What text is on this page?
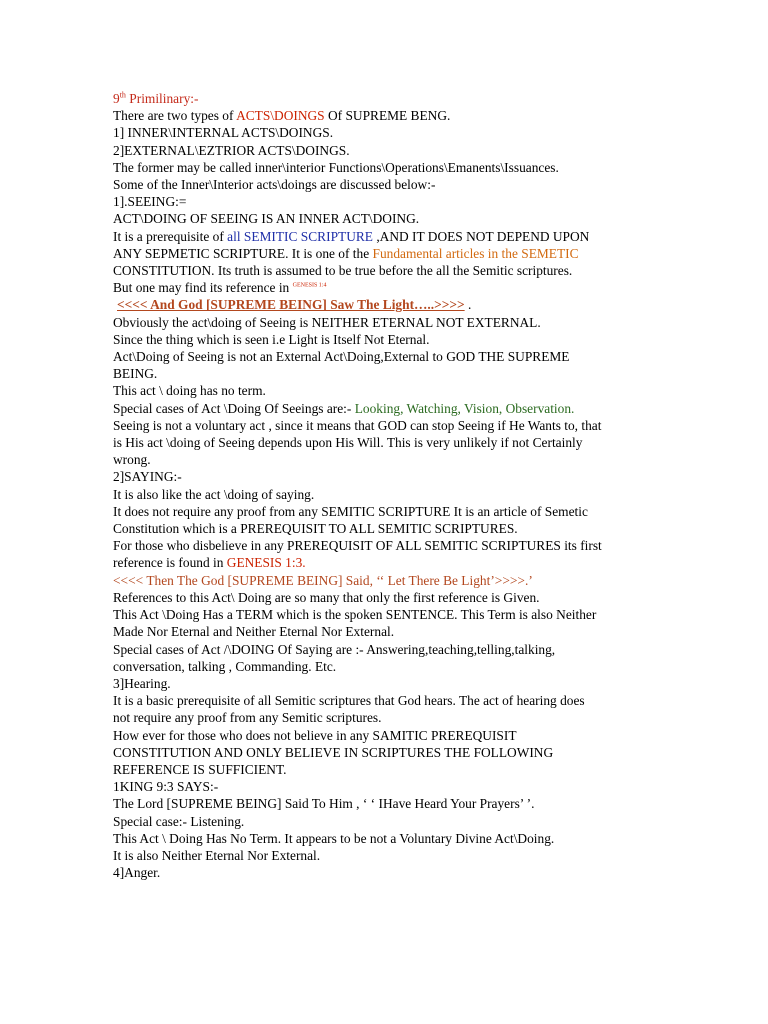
9th Primilinary:-
There are two types of ACTS\DOINGS Of SUPREME BENG.
1] INNER\INTERNAL ACTS\DOINGS.
2]EXTERNAL\EZTRIOR ACTS\DOINGS.
The former may be called inner\interior Functions\Operations\Emanents\Issuances.
Some of the Inner\Interior acts\doings are discussed below:-
1].SEEING:=
ACT\DOING OF SEEING IS AN INNER ACT\DOING.
It is a prerequisite of all SEMITIC SCRIPTURE ,AND IT DOES NOT DEPEND UPON
ANY SEPMETIC SCRIPTURE. It is one of the Fundamental articles in the SEMETIC
CONSTITUTION. Its truth is assumed to be true before the all the Semitic scriptures.
But one may find its reference in $^{GENESIS 1:4}$
<<<< And God [SUPREME BEING] Saw The Light…..>>>> .
Obviously the act\doing of Seeing is NEITHER ETERNAL NOT EXTERNAL.
Since the thing which is seen i.e Light is Itself Not Eternal.
Act\Doing of Seeing is not an External Act\Doing,External to GOD THE SUPREME
BEING.
This act \ doing has no term.
Special cases of Act \Doing Of Seeings are:- Looking, Watching, Vision, Observation.
Seeing is not a voluntary act , since it means that GOD can stop Seeing if He Wants to, that
is His act \doing of Seeing depends upon His Will. This is very unlikely if not Certainly
wrong.
2]SAYING:-
It is also like the act \doing of saying.
It does not require any proof from any SEMITIC SCRIPTURE It is an article of Semetic
Constitution which is a PREREQUISIT TO ALL SEMITIC SCRIPTURES.
For those who disbelieve in any PREREQUISIT OF ALL SEMITIC SCRIPTURES its first
reference is found in GENESIS 1:3.
<<<< Then The God [SUPREME BEING] Said, ‘‘ Let There Be Light’>>>>.’
References to this Act\ Doing are so many that only the first reference is Given.
This Act \Doing Has a TERM which is the spoken SENTENCE. This Term is also Neither
Made Nor Eternal and Neither Eternal Nor External.
Special cases of Act /\DOING Of Saying are :- Answering,teaching,telling,talking,
conversation, talking , Commanding. Etc.
3]Hearing.
It is a basic prerequisite of all Semitic scriptures that God hears. The act of hearing does
not require any proof from any Semitic scriptures.
How ever for those who does not believe in any SAMITIC PREREQUISIT
CONSTITUTION AND ONLY BELIEVE IN SCRIPTURES THE FOLLOWING
REFERENCE IS SUFFICIENT.
1KING 9:3 SAYS:-
The Lord [SUPREME BEING] Said To Him , ‘ ‘ IHave Heard Your Prayers’ ’.
Special case:- Listening.
This Act \ Doing Has No Term. It appears to be not a Voluntary Divine Act\Doing.
It is also Neither Eternal Nor External.
4]Anger.
